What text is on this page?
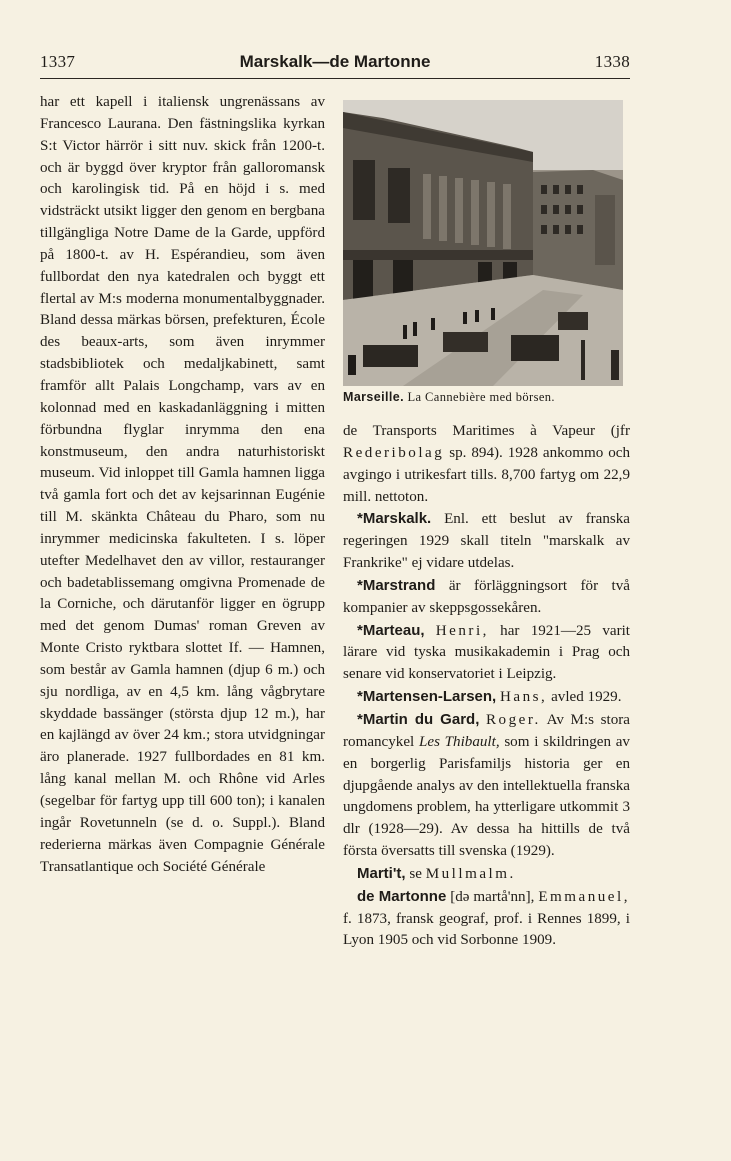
1337	Marskalk—de Martonne	1338

har ett kapell i italiensk ungrenässans av Francesco Laurana. Den fästningslika kyrkan S:t Victor härrör i sitt nuv. skick från 1200-t. och är byggd över kryptor från galloromansk och karolingisk tid. På en höjd i s. med vidsträckt utsikt ligger den genom en bergbana tillgängliga Notre Dame de la Garde, uppförd på 1800-t. av H. Espérandieu, som även fullbordat den nya katedralen och byggt ett flertal av M:s moderna monumentalbyggnader. Bland dessa märkas börsen, prefekturen, École des beaux-arts, som även inrymmer stadsbibliotek och medaljkabinett, samt framför allt Palais Longchamp, vars av en kolonnad med en kaskadanläggning i mitten förbundna flyglar inrymma den ena konstmuseum, den andra naturhistoriskt museum. Vid inloppet till Gamla hamnen ligga två gamla fort och det av kejsarinnan Eugénie till M. skänkta Château du Pharo, som nu inrymmer medicinska fakulteten. I s. löper utefter Medelhavet den av villor, restauranger och badetablissemang omgivna Promenade de la Corniche, och därutanför ligger en ögrupp med det genom Dumas' roman Greven av Monte Cristo ryktbara slottet If. — Hamnen, som består av Gamla hamnen (djup 6 m.) och sju nordliga, av en 4,5 km. lång vågbrytare skyddade bassänger (största djup 12 m.), har en kajlängd av över 24 km.; stora utvidgningar äro planerade. 1927 fullbordades en 81 km. lång kanal mellan M. och Rhône vid Arles (segelbar för fartyg upp till 600 ton); i kanalen ingår Rovetunneln (se d. o. Suppl.). Bland rederierna märkas även Compagnie Générale Transatlantique och Société Générale

Marseille. La Cannebière med börsen.

de Transports Maritimes à Vapeur (jfr Rederibolag sp. 894). 1928 ankommo och avgingo i utrikesfart tills. 8,700 fartyg om 22,9 mill. nettoton.

*Marskalk. Enl. ett beslut av franska regeringen 1929 skall titeln "marskalk av Frankrike" ej vidare utdelas.

*Marstrand är förläggningsort för två kompanier av skeppsgossekåren.

*Marteau, Henri, har 1921—25 varit lärare vid tyska musikakademin i Prag och senare vid konservatoriet i Leipzig.

*Martensen-Larsen, Hans, avled 1929.

*Martin du Gard, Roger. Av M:s stora romancykel Les Thibault, som i skildringen av en borgerlig Parisfamiljs historia ger en djupgående analys av den intellektuella franska ungdomens problem, ha ytterligare utkommit 3 dlr (1928—29). Av dessa ha hittills de två första översatts till svenska (1929).

Marti't, se Mullmalm.

de Martonne [də martå'nn], Emmanuel, f. 1873, fransk geograf, prof. i Rennes 1899, i Lyon 1905 och vid Sorbonne 1909.
